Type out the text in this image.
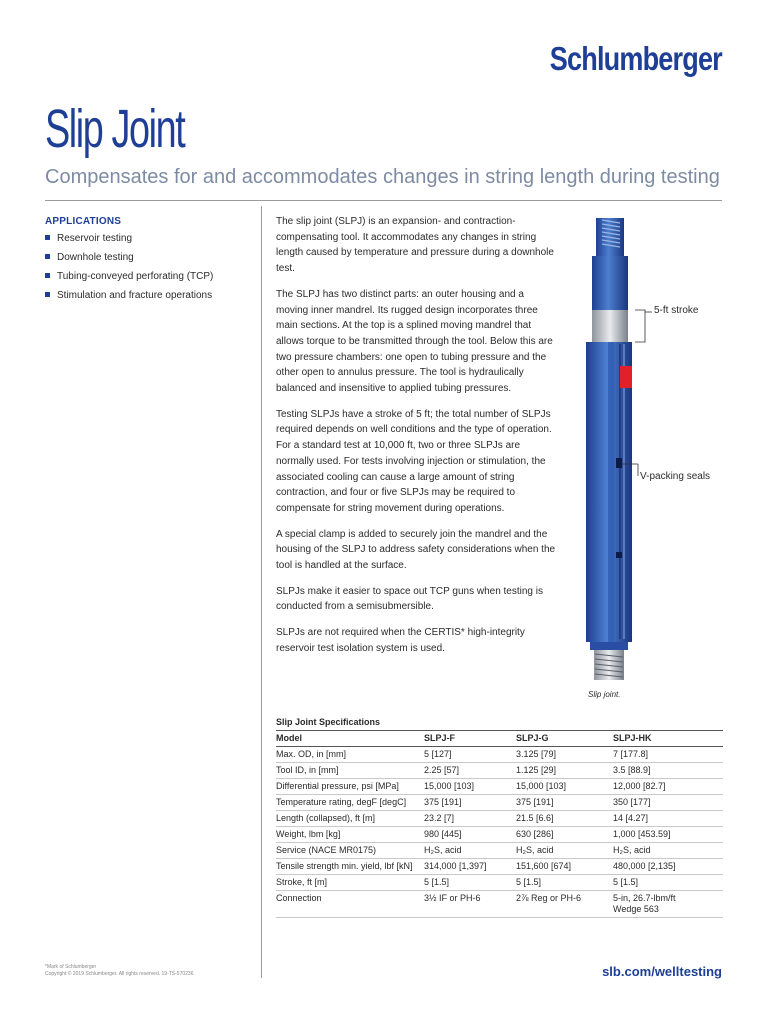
Schlumberger
Slip Joint
Compensates for and accommodates changes in string length during testing
APPLICATIONS
Reservoir testing
Downhole testing
Tubing-conveyed perforating (TCP)
Stimulation and fracture operations

The slip joint (SLPJ) is an expansion- and contraction-compensating tool. It accommodates any changes in string length caused by temperature and pressure during a downhole test.

The SLPJ has two distinct parts: an outer housing and a moving inner mandrel. Its rugged design incorporates three main sections. At the top is a splined moving mandrel that allows torque to be transmitted through the tool. Below this are two pressure chambers: one open to tubing pressure and the other open to annulus pressure. The tool is hydraulically balanced and insensitive to applied tubing pressures.

Testing SLPJs have a stroke of 5 ft; the total number of SLPJs required depends on well conditions and the type of operation. For a standard test at 10,000 ft, two or three SLPJs are normally used. For tests involving injection or stimulation, the associated cooling can cause a large amount of string contraction, and four or five SLPJs may be required to compensate for string movement during operations.

A special clamp is added to securely join the mandrel and the housing of the SLPJ to address safety considerations when the tool is handled at the surface.

SLPJs make it easier to space out TCP guns when testing is conducted from a semisubmersible.

SLPJs are not required when the CERTIS* high-integrity reservoir test isolation system is used.

5-ft stroke
V-packing seals
Slip joint.
Slip Joint Specifications			
Model	SLPJ-F	SLPJ-G	SLPJ-HK
Max. OD, in [mm]	5 [127]	3.125 [79]	7 [177.8]
Tool ID, in [mm]	2.25 [57]	1.125 [29]	3.5 [88.9]
Differential pressure, psi [MPa]	15,000 [103]	15,000 [103]	12,000 [82.7]
Temperature rating, degF [degC]	375 [191]	375 [191]	350 [177]
Length (collapsed), ft [m]	23.2 [7]	21.5 [6.6]	14 [4.27]
Weight, lbm [kg]	980 [445]	630 [286]	1,000 [453.59]
Service (NACE MR0175)	H₂S, acid	H₂S, acid	H₂S, acid
Tensile strength min. yield, lbf [kN]	314,000 [1,397]	151,600 [674]	480,000 [2,135]
Stroke, ft [m]	5 [1.5]	5 [1.5]	5 [1.5]
Connection	3½ IF or PH-6	2⅞ Reg or PH-6	5-in, 26.7-lbm/ft
Wedge 563
*Mark of Schlumberger
Copyright © 2019 Schlumberger. All rights reserved. 19-TS-570236	slb.com/welltesting
